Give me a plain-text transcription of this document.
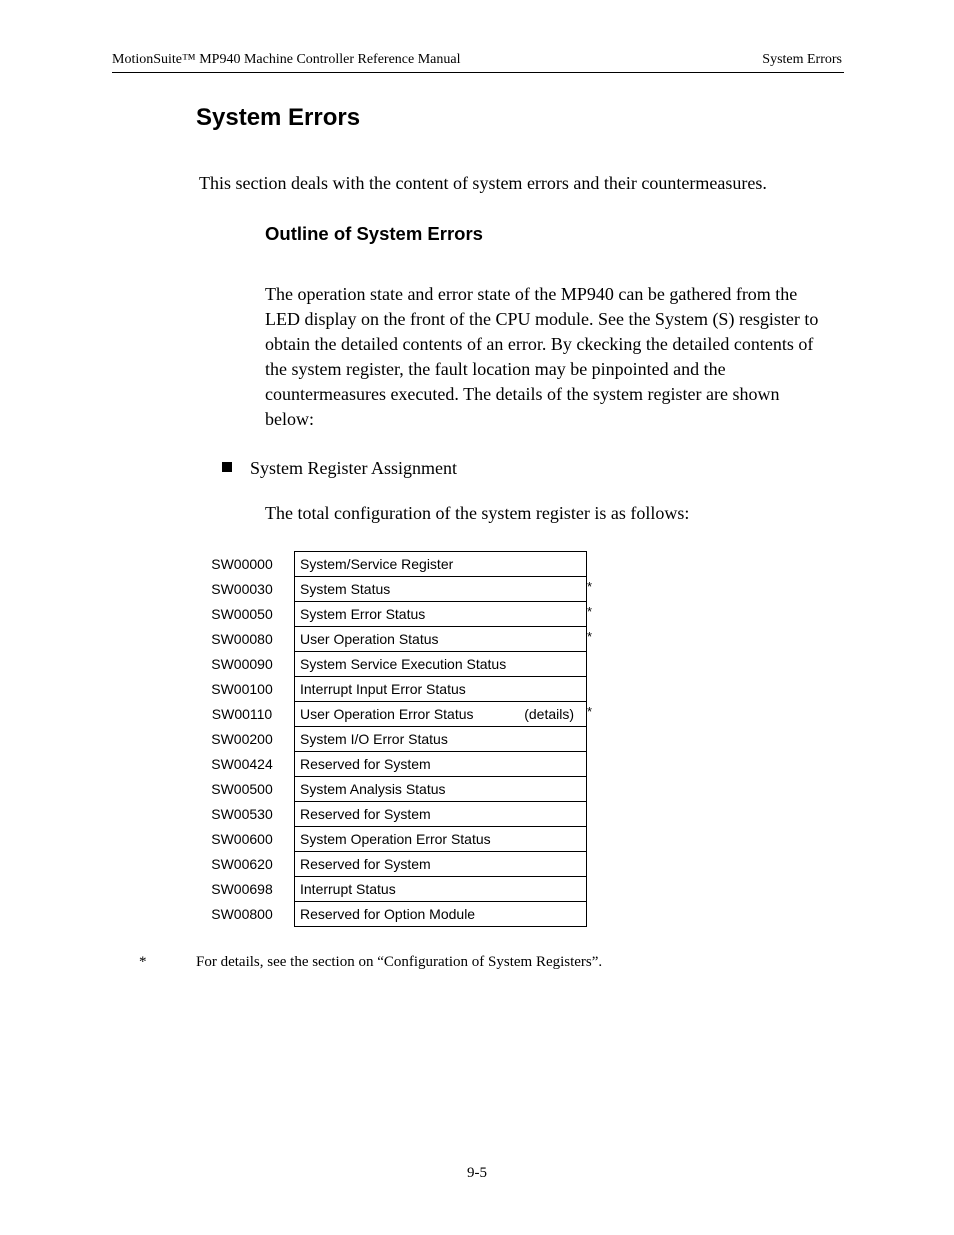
MotionSuite™ MP940 Machine Controller Reference Manual	System Errors
System Errors

This section deals with the content of system errors and their countermeasures.

Outline of System Errors
The operation state and error state of the MP940 can be gathered from the
LED display on the front of the CPU module. See the System (S) resgister to
obtain the detailed contents of an error. By ckecking the detailed contents of
the system register, the fault location may be pinpointed and the
countermeasures executed. The details of the system register are shown
below:
System Register Assignment
The total configuration of the system register is as follows:
SW00000	System/Service Register
SW00030	System Status	*
SW00050	System Error Status	*
SW00080	User Operation Status	*
SW00090	System Service Execution Status
SW00100	Interrupt Input Error Status
SW00110	User Operation Error Status	(details) *
SW00200	System I/O Error Status
SW00424	Reserved for System
SW00500	System Analysis Status
SW00530	Reserved for System
SW00600	System Operation Error Status
SW00620	Reserved for System
SW00698	Interrupt Status
SW00800	Reserved for Option Module
*	For details, see the section on “Configuration of System Registers”.
9-5
